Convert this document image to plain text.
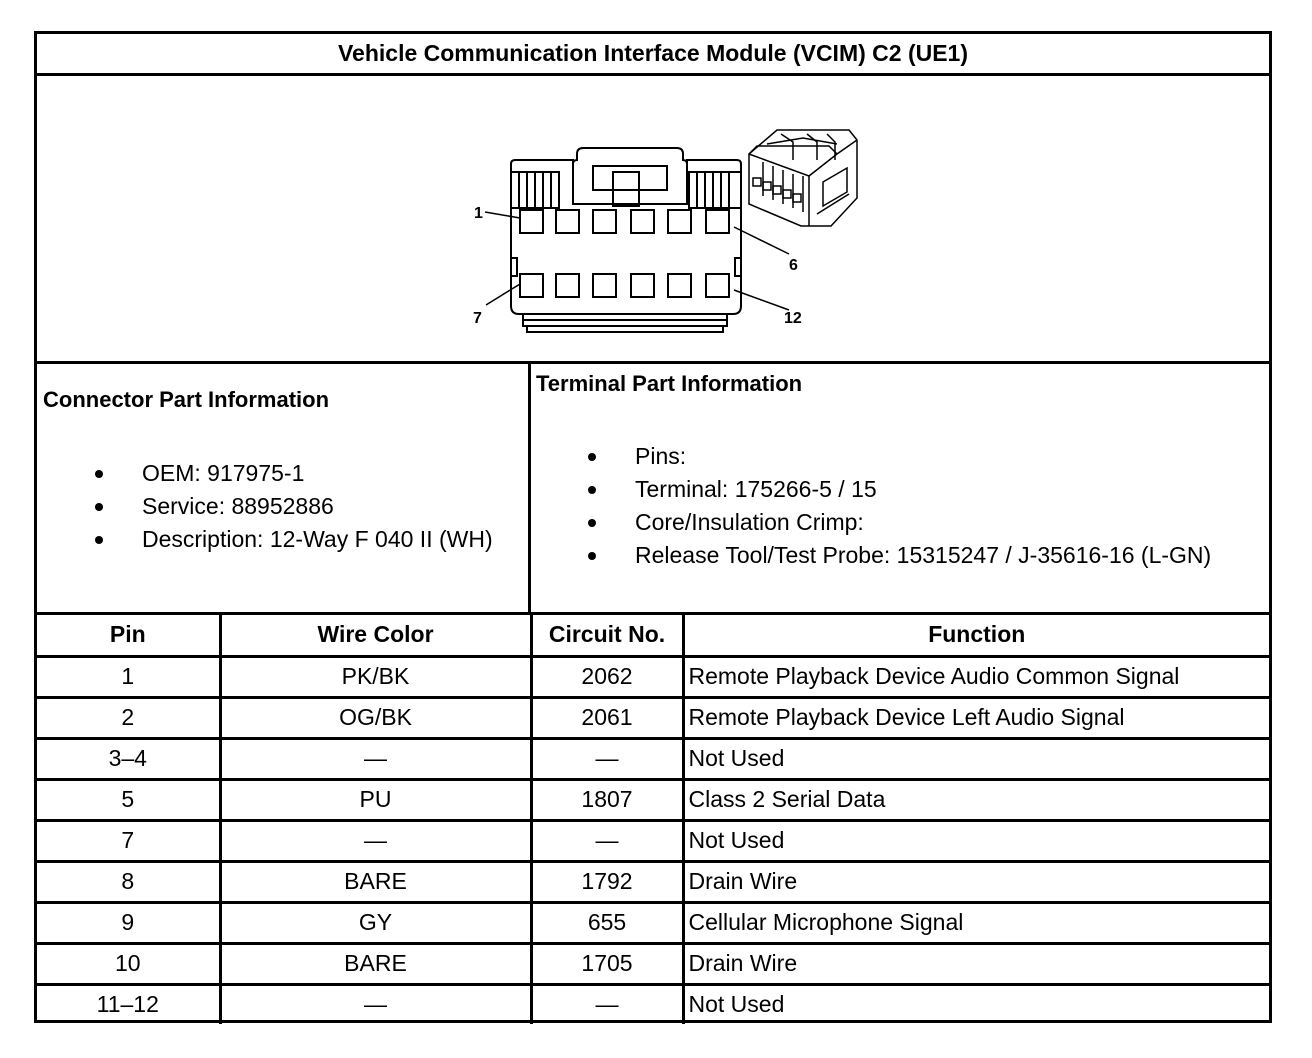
Vehicle Communication Interface Module (VCIM) C2 (UE1)
1
6
7	12
Connector Part Information
OEM: 917975-1
Service: 88952886
Description: 12-Way F 040 II (WH)
Terminal Part Information
Pins:
Terminal: 175266-5 / 15
Core/Insulation Crimp:
Release Tool/Test Probe: 15315247 / J-35616-16 (L-GN)
Pin	Wire Color	Circuit No.	Function
1	PK/BK	2062	Remote Playback Device Audio Common Signal
2	OG/BK	2061	Remote Playback Device Left Audio Signal
3–4	—	—	Not Used
5	PU	1807	Class 2 Serial Data
7	—	—	Not Used
8	BARE	1792	Drain Wire
9	GY	655	Cellular Microphone Signal
10	BARE	1705	Drain Wire
11–12	—	—	Not Used
